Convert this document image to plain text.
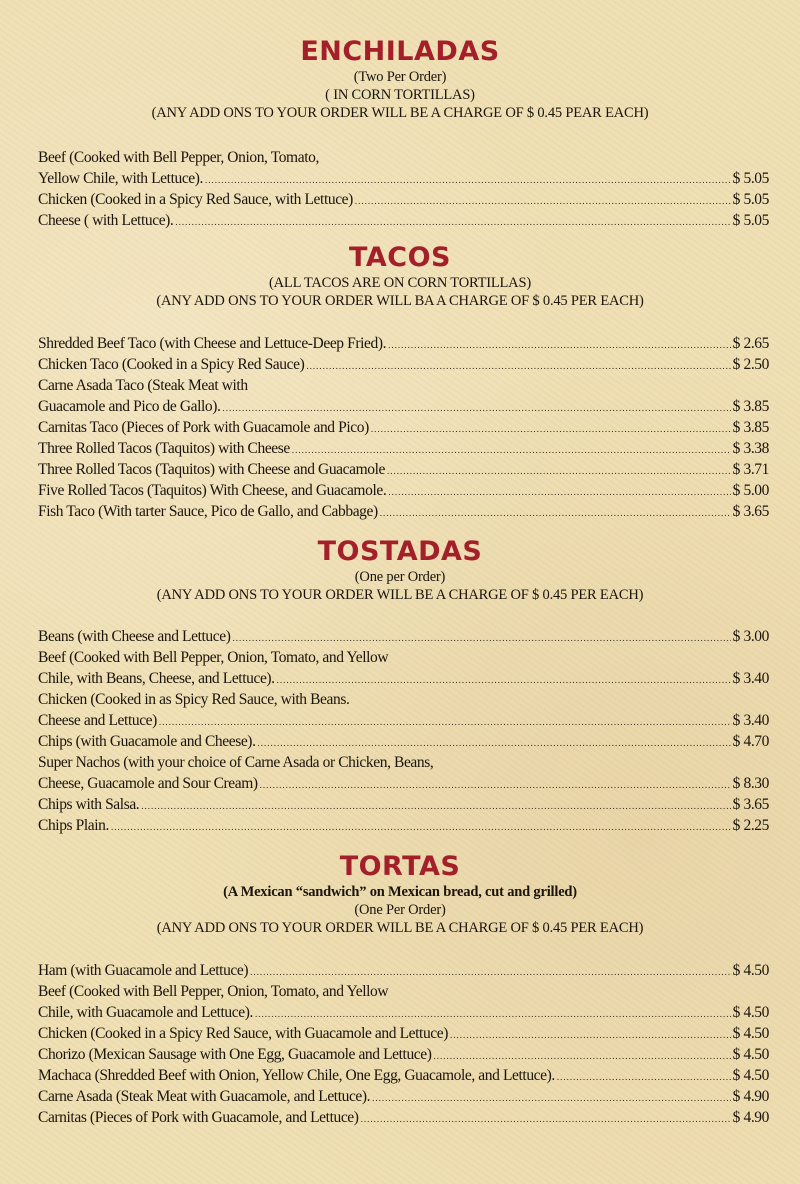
ENCHILADAS
(Two Per Order)
( IN CORN TORTILLAS)
(ANY ADD ONS TO YOUR ORDER WILL BE A CHARGE OF $ 0.45 PEAR EACH)
Beef (Cooked with Bell Pepper, Onion, Tomato,
Yellow Chile, with Lettuce). .....	$ 5.05
Chicken (Cooked in a Spicy Red Sauce, with Lettuce) .....	$ 5.05
Cheese ( with Lettuce). .....	$ 5.05
TACOS
(ALL TACOS ARE ON CORN TORTILLAS)
(ANY ADD ONS TO YOUR ORDER WILL BA A CHARGE OF $ 0.45 PER EACH)
Shredded Beef Taco (with Cheese and Lettuce-Deep Fried). .....	$ 2.65
Chicken Taco (Cooked in a Spicy Red Sauce) .....	$ 2.50
Carne Asada Taco (Steak Meat with
Guacamole and Pico de Gallo). .....	$ 3.85
Carnitas Taco (Pieces of Pork with Guacamole and Pico) .....	$ 3.85
Three Rolled Tacos (Taquitos) with Cheese .....	$ 3.38
Three Rolled Tacos (Taquitos) with Cheese and Guacamole .....	$ 3.71
Five Rolled Tacos (Taquitos) With Cheese, and Guacamole. .....	$ 5.00
Fish Taco (With tarter Sauce, Pico de Gallo, and Cabbage) .....	$ 3.65
TOSTADAS
(One per Order)
(ANY ADD ONS TO YOUR ORDER WILL BE A CHARGE OF $ 0.45 PER EACH)
Beans (with Cheese and Lettuce) .....	$ 3.00
Beef (Cooked with Bell Pepper, Onion, Tomato, and Yellow
Chile, with Beans, Cheese, and Lettuce). .....	$ 3.40
Chicken (Cooked in as Spicy Red Sauce, with Beans.
Cheese and Lettuce) .....	$ 3.40
Chips (with Guacamole and Cheese). .....	$ 4.70
Super Nachos (with your choice of Carne Asada or Chicken, Beans,
Cheese, Guacamole and Sour Cream) .....	$ 8.30
Chips with Salsa. .....	$ 3.65
Chips Plain. .....	$ 2.25
TORTAS
(A Mexican “sandwich” on Mexican bread, cut and grilled)
(One Per Order)
(ANY ADD ONS TO YOUR ORDER WILL BE A CHARGE OF $ 0.45 PER EACH)
Ham (with Guacamole and Lettuce) .....	$ 4.50
Beef (Cooked with Bell Pepper, Onion, Tomato, and Yellow
Chile, with Guacamole and Lettuce). .....	$ 4.50
Chicken (Cooked in a Spicy Red Sauce, with Guacamole and Lettuce) .....	$ 4.50
Chorizo (Mexican Sausage with One Egg, Guacamole and Lettuce) .....	$ 4.50
Machaca (Shredded Beef with Onion, Yellow Chile, One Egg, Guacamole, and Lettuce). .....	$ 4.50
Carne Asada (Steak Meat with Guacamole, and Lettuce). .....	$ 4.90
Carnitas (Pieces of Pork with Guacamole, and Lettuce) .....	$ 4.90
